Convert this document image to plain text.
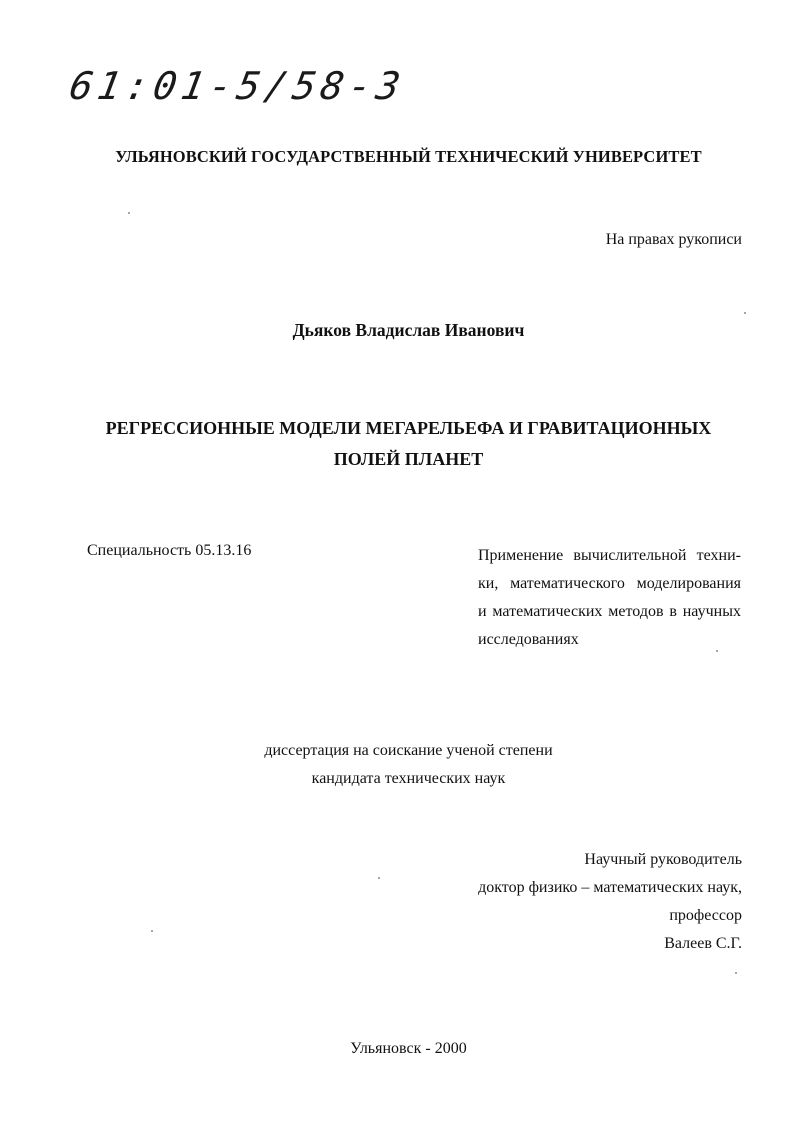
61:01-5/58-3
УЛЬЯНОВСКИЙ ГОСУДАРСТВЕННЫЙ ТЕХНИЧЕСКИЙ УНИВЕРСИТЕТ
На правах рукописи
Дьяков Владислав Иванович
РЕГРЕССИОННЫЕ МОДЕЛИ МЕГАРЕЛЬЕФА И ГРАВИТАЦИОННЫХ
ПОЛЕЙ ПЛАНЕТ
Специальность 05.13.16	Применение вычислительной техни-
ки, математического моделирования
и математических методов в научных
исследованиях
диссертация на соискание ученой степени
кандидата технических наук
Научный руководитель
доктор физико – математических наук,
профессор
Валеев С.Г.
Ульяновск - 2000
